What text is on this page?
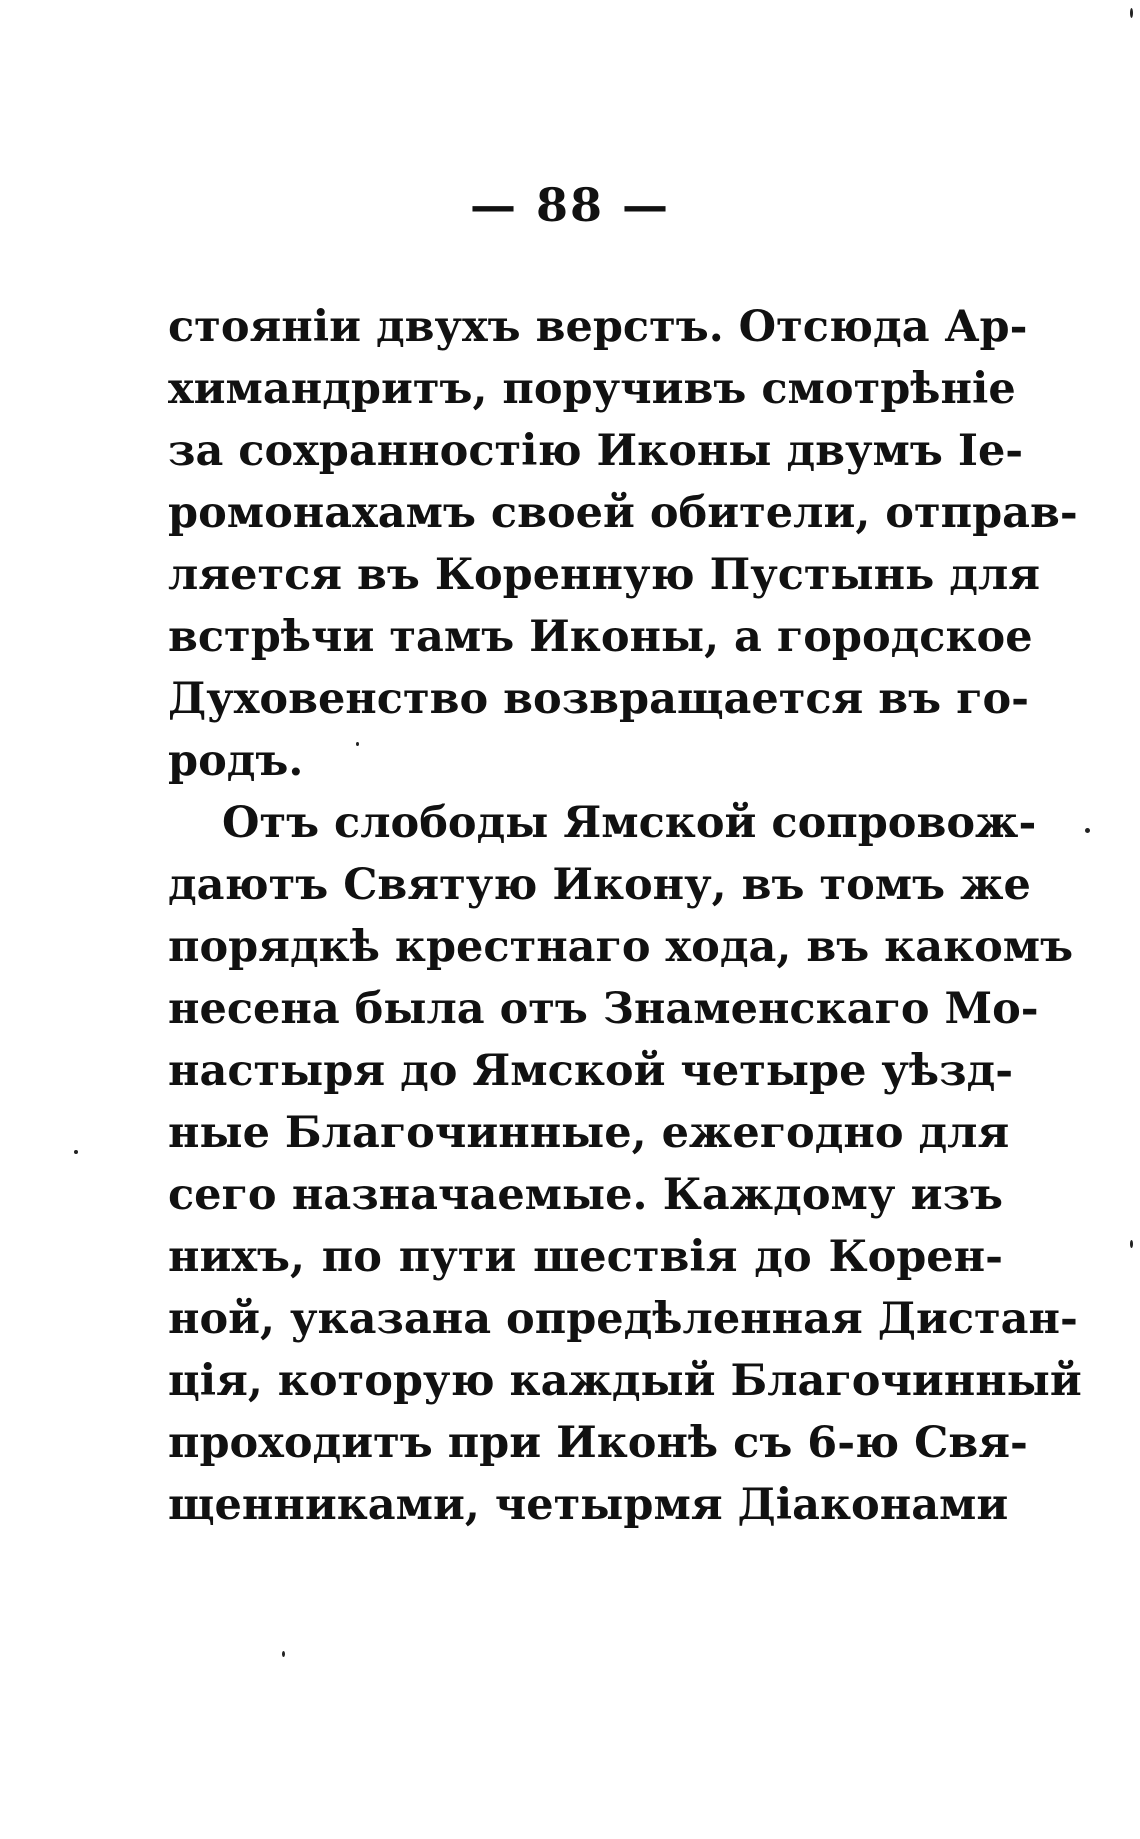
— 88 —
стоянiи двухъ верстъ. Отсюда Ар-
химандритъ, поручивъ смотрѣнiе
за сохранностiю Иконы двумъ Iе-
ромонахамъ своей обители, отправ-
ляется въ Коренную Пустынь для
встрѣчи тамъ Иконы, а городское
Духовенство возвращается въ го-
родъ.
Отъ слободы Ямской сопровож-
даютъ Святую Икону, въ томъ же
порядкѣ крестнаго хода, въ какомъ
несена была отъ Знаменскаго Мо-
настыря до Ямской четыре уѣзд-
ные Благочинные, ежегодно для
сего назначаемые. Каждому изъ
нихъ, по пути шествiя до Корен-
ной, указана опредѣленная Дистан-
цiя, которую каждый Благочинный
проходитъ при Иконѣ съ 6-ю Свя-
щенниками, четырмя Дiаконами
